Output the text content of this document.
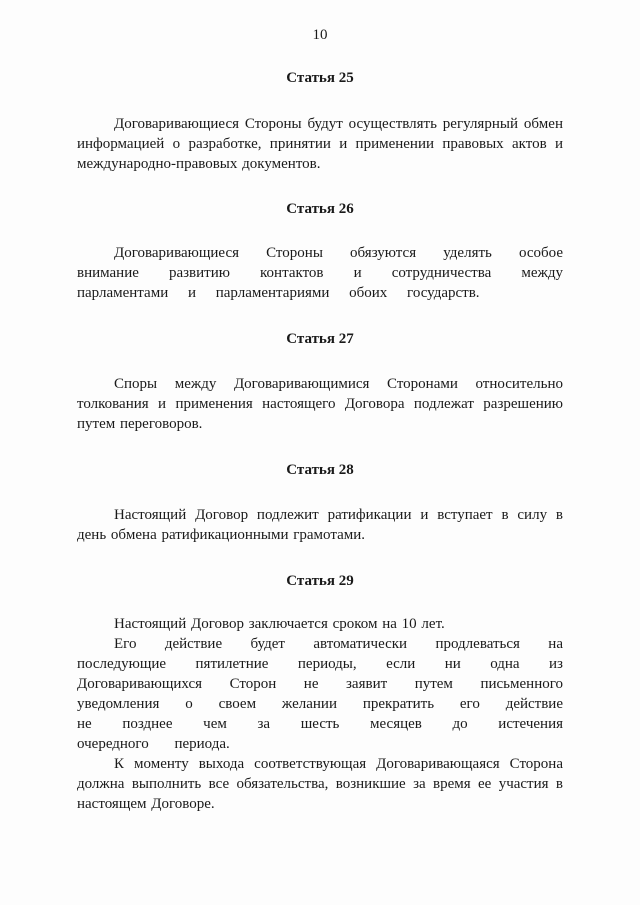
10
Статья 25

Договаривающиеся Стороны будут осуществлять регулярный обмен информацией о разработке, принятии и применении правовых актов и международно-правовых документов.

Статья 26

Договаривающиеся Стороны обязуются уделять особое внимание развитию контактов и сотрудничества между парламентами и парламентариями обоих государств.

Статья 27

Споры между Договаривающимися Сторонами относительно толкования и применения настоящего Договора подлежат разрешению путем переговоров.

Статья 28

Настоящий Договор подлежит ратификации и вступает в силу в день обмена ратификационными грамотами.

Статья 29

Настоящий Договор заключается сроком на 10 лет.

Его действие будет автоматически продлеваться на последующие пятилетние периоды, если ни одна из Договаривающихся Сторон не заявит путем письменного уведомления о своем желании прекратить его действие не позднее чем за шесть месяцев до истечения очередного периода.

К моменту выхода соответствующая Договаривающаяся Сторона должна выполнить все обязательства, возникшие за время ее участия в настоящем Договоре.
